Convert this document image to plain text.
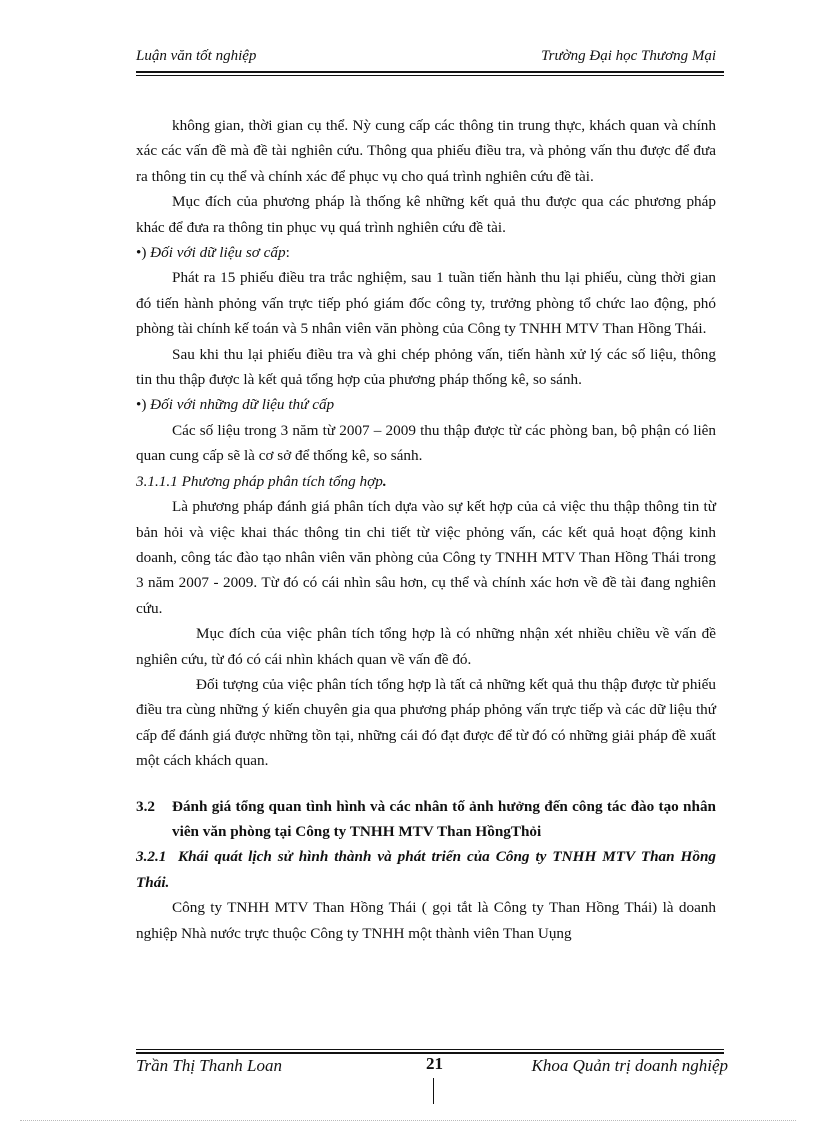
Luận văn tốt nghiệp	Trường Đại học Thương Mại

không gian, thời gian cụ thể. Nỳ cung cấp các thông tin trung thực, khách quan và chính xác các vấn đề mà đề tài nghiên cứu. Thông qua phiếu điều tra, và phỏng vấn thu được để đưa ra thông tin cụ thể và chính xác để phục vụ cho quá trình nghiên cứu đề tài.

Mục đích của phương pháp là thống kê những kết quả thu được qua các phương pháp khác để đưa ra thông tin phục vụ quá trình nghiên cứu đề tài.

•) Đối với dữ liệu sơ cấp:

Phát ra 15 phiếu điều tra trắc nghiệm, sau 1 tuần tiến hành thu lại phiếu, cùng thời gian đó tiến hành phỏng vấn trực tiếp phó giám đốc công ty, trưởng phòng tổ chức lao động, phó phòng tài chính kế toán và 5 nhân viên văn phòng của Công ty TNHH MTV Than Hồng Thái.

Sau khi thu lại phiếu điều tra và ghi chép phỏng vấn, tiến hành xử lý các số liệu, thông tin thu thập được là kết quả tổng hợp của phương pháp thống kê, so sánh.

•) Đối với những dữ liệu thứ cấp

Các số liệu trong 3 năm từ 2007 – 2009 thu thập được từ các phòng ban, bộ phận có liên quan cung cấp sẽ là cơ sở để thống kê, so sánh.

3.1.1.1 Phương pháp phân tích tổng hợp.

Là phương pháp đánh giá phân tích dựa vào sự kết hợp của cả việc thu thập thông tin từ bản hỏi và việc khai thác thông tin chi tiết từ việc phỏng vấn, các kết quả hoạt động kinh doanh, công tác đào tạo nhân viên văn phòng của Công ty TNHH MTV Than Hồng Thái trong 3 năm 2007 - 2009. Từ đó có cái nhìn sâu hơn, cụ thể và chính xác hơn về đề tài đang nghiên cứu.

Mục đích của việc phân tích tổng hợp là có những nhận xét nhiều chiều về vấn đề nghiên cứu, từ đó có cái nhìn khách quan về vấn đề đó.

Đối tượng của việc phân tích tổng hợp là tất cả những kết quả thu thập được từ phiếu điều tra cùng những ý kiến chuyên gia qua phương pháp phỏng vấn trực tiếp và các dữ liệu thứ cấp để đánh giá được những tồn tại, những cái đó đạt được để từ đó có những giải pháp đề xuất một cách khách quan.

3.2	Đánh giá tổng quan tình hình và các nhân tố ảnh hưởng đến công tác đào tạo nhân viên văn phòng tại Công ty TNHH MTV Than HồngThỏi

3.2.1 Khái quát lịch sử hình thành và phát triển của Công ty TNHH MTV Than Hồng Thái.

Công ty TNHH MTV Than Hồng Thái ( gọi tắt là Công ty Than Hồng Thái) là doanh nghiệp Nhà nước trực thuộc Công ty TNHH một thành viên Than Uụng

Trần Thị Thanh Loan	21	Khoa Quản trị doanh nghiệp
